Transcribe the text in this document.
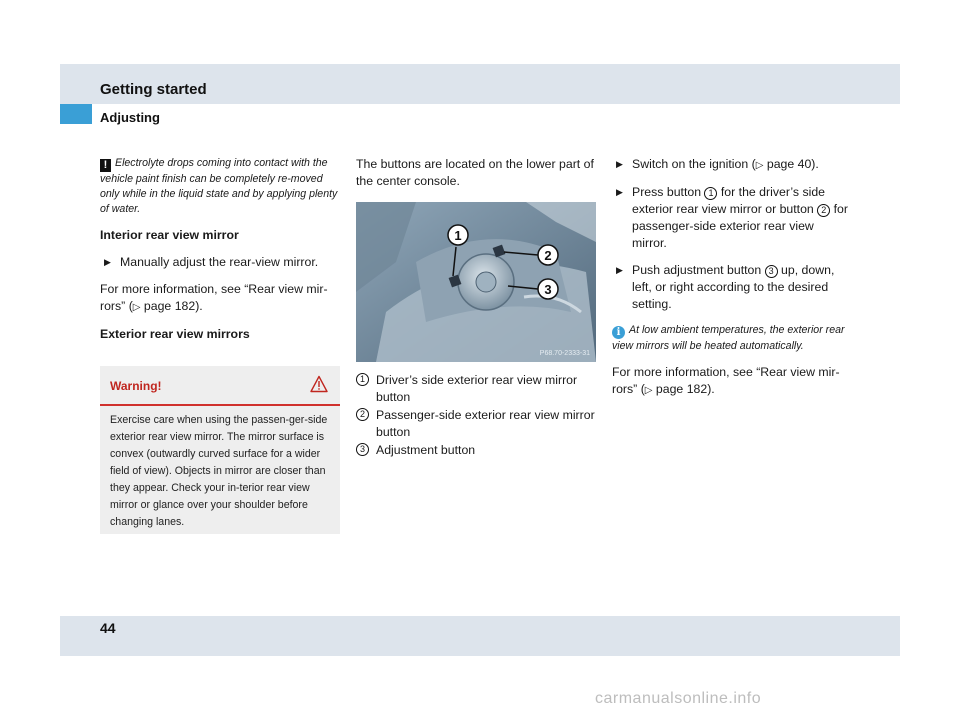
Getting started
Adjusting
! Electrolyte drops coming into contact with the vehicle paint finish can be completely re-moved only while in the liquid state and by applying plenty of water.
Interior rear view mirror
▶ Manually adjust the rear-view mirror.
For more information, see “Rear view mir-rors” (▷ page 182).
Exterior rear view mirrors
Warning!
Exercise care when using the passen-ger-side exterior rear view mirror. The mirror surface is convex (outwardly curved surface for a wider field of view). Objects in mirror are closer than they appear. Check your in-terior rear view mirror or glance over your shoulder before changing lanes.
The buttons are located on the lower part of the center console.
1
2
3
P68.70-2333-31
1 Driver’s side exterior rear view mirror button
2 Passenger-side exterior rear view mirror button
3 Adjustment button
▶ Switch on the ignition (▷ page 40).
▶ Press button 1 for the driver’s side exterior rear view mirror or button 2 for passenger-side exterior rear view mirror.
▶ Push adjustment button 3 up, down, left, or right according to the desired setting.
i At low ambient temperatures, the exterior rear view mirrors will be heated automatically.
For more information, see “Rear view mir-rors” (▷ page 182).
44
carmanualsonline.info
